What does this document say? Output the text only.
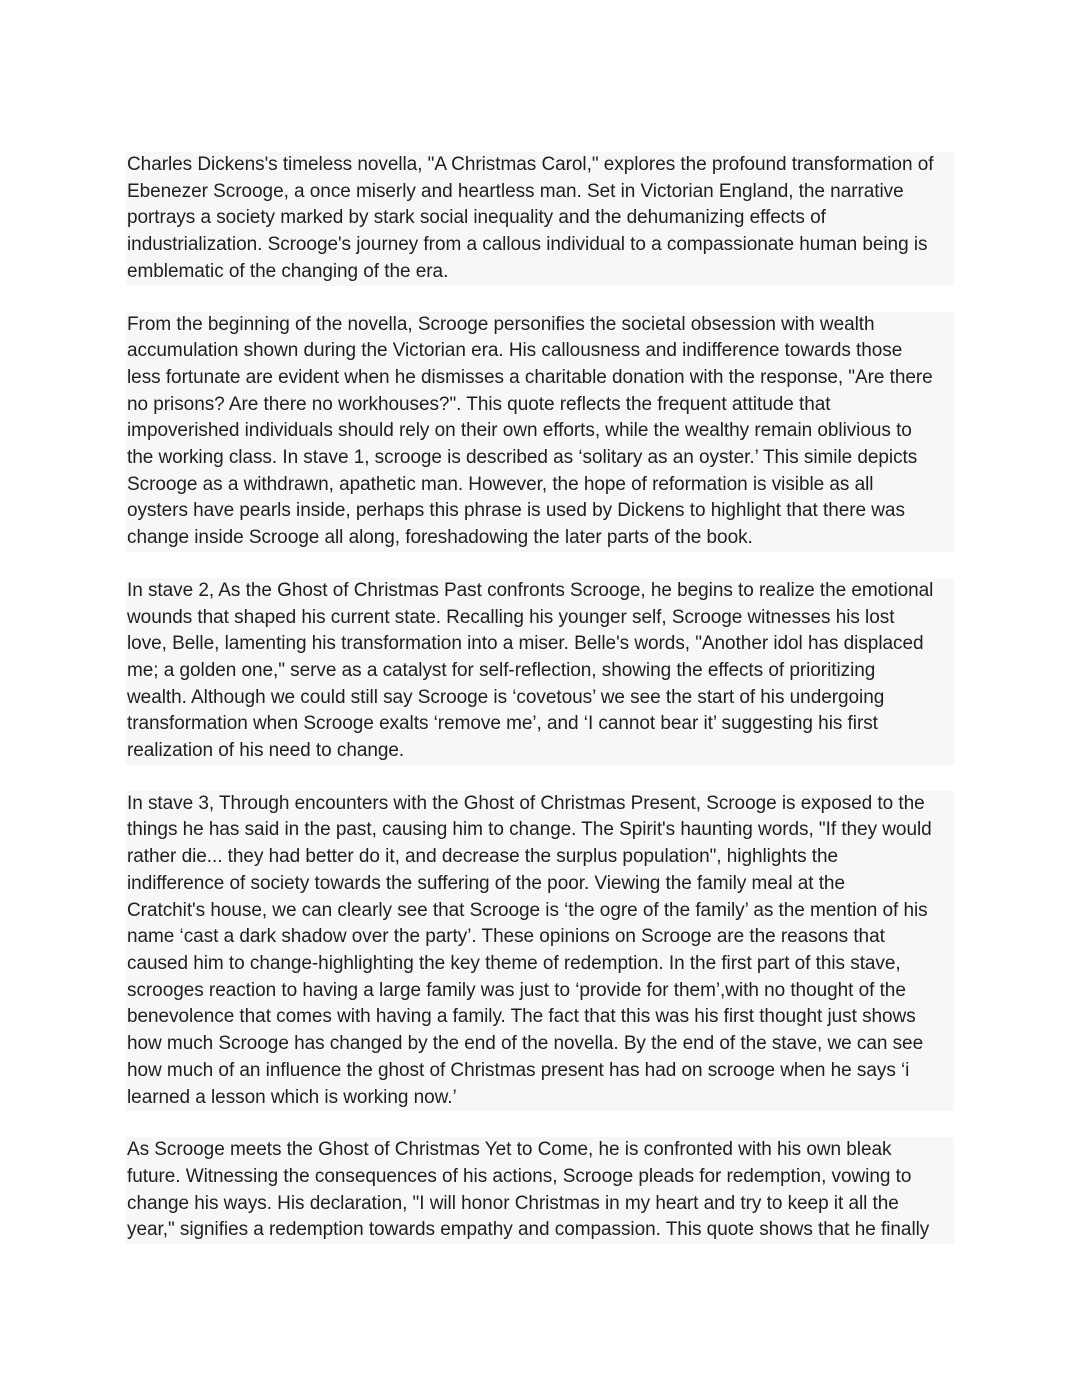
Charles Dickens's timeless novella, "A Christmas Carol," explores the profound transformation of
Ebenezer Scrooge, a once miserly and heartless man. Set in Victorian England, the narrative
portrays a society marked by stark social inequality and the dehumanizing effects of
industrialization. Scrooge's journey from a callous individual to a compassionate human being is
emblematic of the changing of the era.
From the beginning of the novella, Scrooge personifies the societal obsession with wealth
accumulation shown during the Victorian era. His callousness and indifference towards those
less fortunate are evident when he dismisses a charitable donation with the response, "Are there
no prisons? Are there no workhouses?". This quote reflects the frequent attitude that
impoverished individuals should rely on their own efforts, while the wealthy remain oblivious to
the working class. In stave 1, scrooge is described as ‘solitary as an oyster.’ This simile depicts
Scrooge as a withdrawn, apathetic man. However, the hope of reformation is visible as all
oysters have pearls inside, perhaps this phrase is used by Dickens to highlight that there was
change inside Scrooge all along, foreshadowing the later parts of the book.
In stave 2, As the Ghost of Christmas Past confronts Scrooge, he begins to realize the emotional
wounds that shaped his current state. Recalling his younger self, Scrooge witnesses his lost
love, Belle, lamenting his transformation into a miser. Belle's words, "Another idol has displaced
me; a golden one," serve as a catalyst for self-reflection, showing the effects of prioritizing
wealth. Although we could still say Scrooge is ‘covetous’ we see the start of his undergoing
transformation when Scrooge exalts ‘remove me’, and ‘I cannot bear it’ suggesting his first
realization of his need to change.
In stave 3, Through encounters with the Ghost of Christmas Present, Scrooge is exposed to the
things he has said in the past, causing him to change. The Spirit's haunting words, "If they would
rather die... they had better do it, and decrease the surplus population", highlights the
indifference of society towards the suffering of the poor. Viewing the family meal at the
Cratchit's house, we can clearly see that Scrooge is ‘the ogre of the family’ as the mention of his
name ‘cast a dark shadow over the party’. These opinions on Scrooge are the reasons that
caused him to change-highlighting the key theme of redemption. In the first part of this stave,
scrooges reaction to having a large family was just to ‘provide for them’,with no thought of the
benevolence that comes with having a family. The fact that this was his first thought just shows
how much Scrooge has changed by the end of the novella. By the end of the stave, we can see
how much of an influence the ghost of Christmas present has had on scrooge when he says ‘i
learned a lesson which is working now.’
As Scrooge meets the Ghost of Christmas Yet to Come, he is confronted with his own bleak
future. Witnessing the consequences of his actions, Scrooge pleads for redemption, vowing to
change his ways. His declaration, "I will honor Christmas in my heart and try to keep it all the
year," signifies a redemption towards empathy and compassion. This quote shows that he finally
